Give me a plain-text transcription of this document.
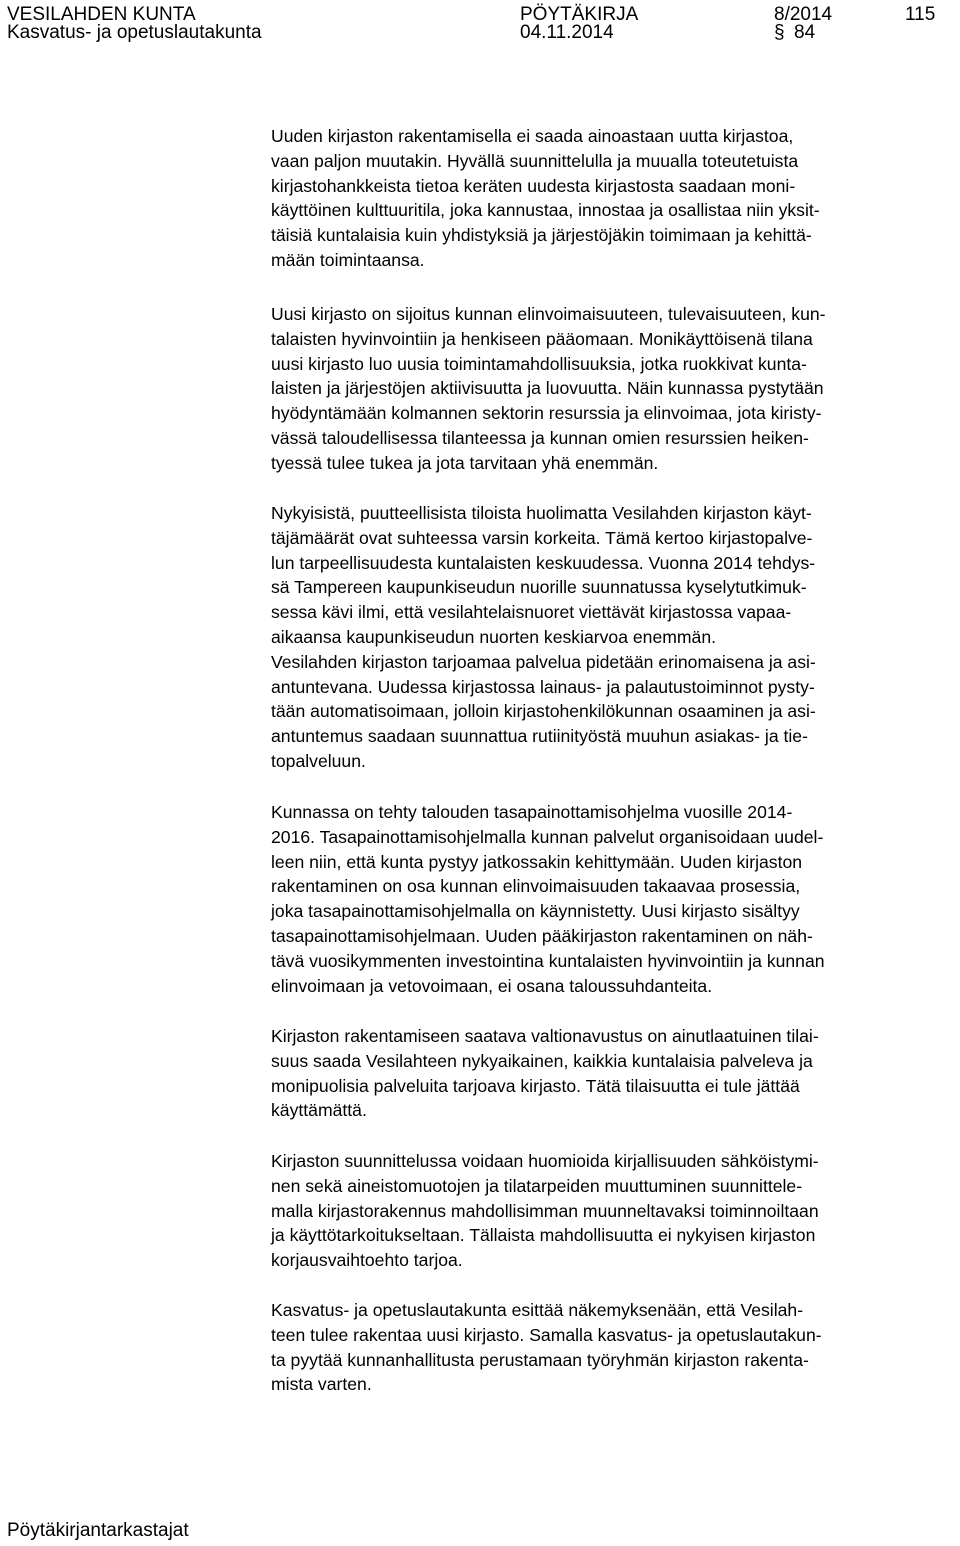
VESILAHDEN KUNTA	PÖYTÄKIRJA	8/2014	115
Kasvatus- ja opetuslautakunta	04.11.2014	§ 84

Uuden kirjaston rakentamisella ei saada ainoastaan uutta kirjastoa,
vaan paljon muutakin. Hyvällä suunnittelulla ja muualla toteutetuista
kirjastohankkeista tietoa keräten uudesta kirjastosta saadaan moni-
käyttöinen kulttuuritila, joka kannustaa, innostaa ja osallistaa niin yksit-
täisiä kuntalaisia kuin yhdistyksiä ja järjestöjäkin toimimaan ja kehittä-
mään toimintaansa.

Uusi kirjasto on sijoitus kunnan elinvoimaisuuteen, tulevaisuuteen, kun-
talaisten hyvinvointiin ja henkiseen pääomaan. Monikäyttöisenä tilana
uusi kirjasto luo uusia toimintamahdollisuuksia, jotka ruokkivat kunta-
laisten ja järjestöjen aktiivisuutta ja luovuutta. Näin kunnassa pystytään
hyödyntämään kolmannen sektorin resurssia ja elinvoimaa, jota kiristy-
vässä taloudellisessa tilanteessa ja kunnan omien resurssien heiken-
tyessä tulee tukea ja jota tarvitaan yhä enemmän.

Nykyisistä, puutteellisista tiloista huolimatta Vesilahden kirjaston käyt-
täjämäärät ovat suhteessa varsin korkeita. Tämä kertoo kirjastopalve-
lun tarpeellisuudesta kuntalaisten keskuudessa. Vuonna 2014 tehdys-
sä Tampereen kaupunkiseudun nuorille suunnatussa kyselytutkimuk-
sessa kävi ilmi, että vesilahtelaisnuoret viettävät kirjastossa vapaa-
aikaansa kaupunkiseudun nuorten keskiarvoa enemmän.
Vesilahden kirjaston tarjoamaa palvelua pidetään erinomaisena ja asi-
antuntevana. Uudessa kirjastossa lainaus- ja palautustoiminnot pysty-
tään automatisoimaan, jolloin kirjastohenkilökunnan osaaminen ja asi-
antuntemus saadaan suunnattua rutiinityöstä muuhun asiakas- ja tie-
topalveluun.

Kunnassa on tehty talouden tasapainottamisohjelma vuosille 2014-
2016. Tasapainottamisohjelmalla kunnan palvelut organisoidaan uudel-
leen niin, että kunta pystyy jatkossakin kehittymään. Uuden kirjaston
rakentaminen on osa kunnan elinvoimaisuuden takaavaa prosessia,
joka tasapainottamisohjelmalla on käynnistetty. Uusi kirjasto sisältyy
tasapainottamisohjelmaan. Uuden pääkirjaston rakentaminen on näh-
tävä vuosikymmenten investointina kuntalaisten hyvinvointiin ja kunnan
elinvoimaan ja vetovoimaan, ei osana taloussuhdanteita.

Kirjaston rakentamiseen saatava valtionavustus on ainutlaatuinen tilai-
suus saada Vesilahteen nykyaikainen, kaikkia kuntalaisia palveleva ja
monipuolisia palveluita tarjoava kirjasto. Tätä tilaisuutta ei tule jättää
käyttämättä.

Kirjaston suunnittelussa voidaan huomioida kirjallisuuden sähköistymi-
nen sekä aineistomuotojen ja tilatarpeiden muuttuminen suunnittele-
malla kirjastorakennus mahdollisimman muunneltavaksi toiminnoiltaan
ja käyttötarkoitukseltaan. Tällaista mahdollisuutta ei nykyisen kirjaston
korjausvaihtoehto tarjoa.

Kasvatus- ja opetuslautakunta esittää näkemyksenään, että Vesilah-
teen tulee rakentaa uusi kirjasto. Samalla kasvatus- ja opetuslautakun-
ta pyytää kunnanhallitusta perustamaan työryhmän kirjaston rakenta-
mista varten.

Pöytäkirjantarkastajat
